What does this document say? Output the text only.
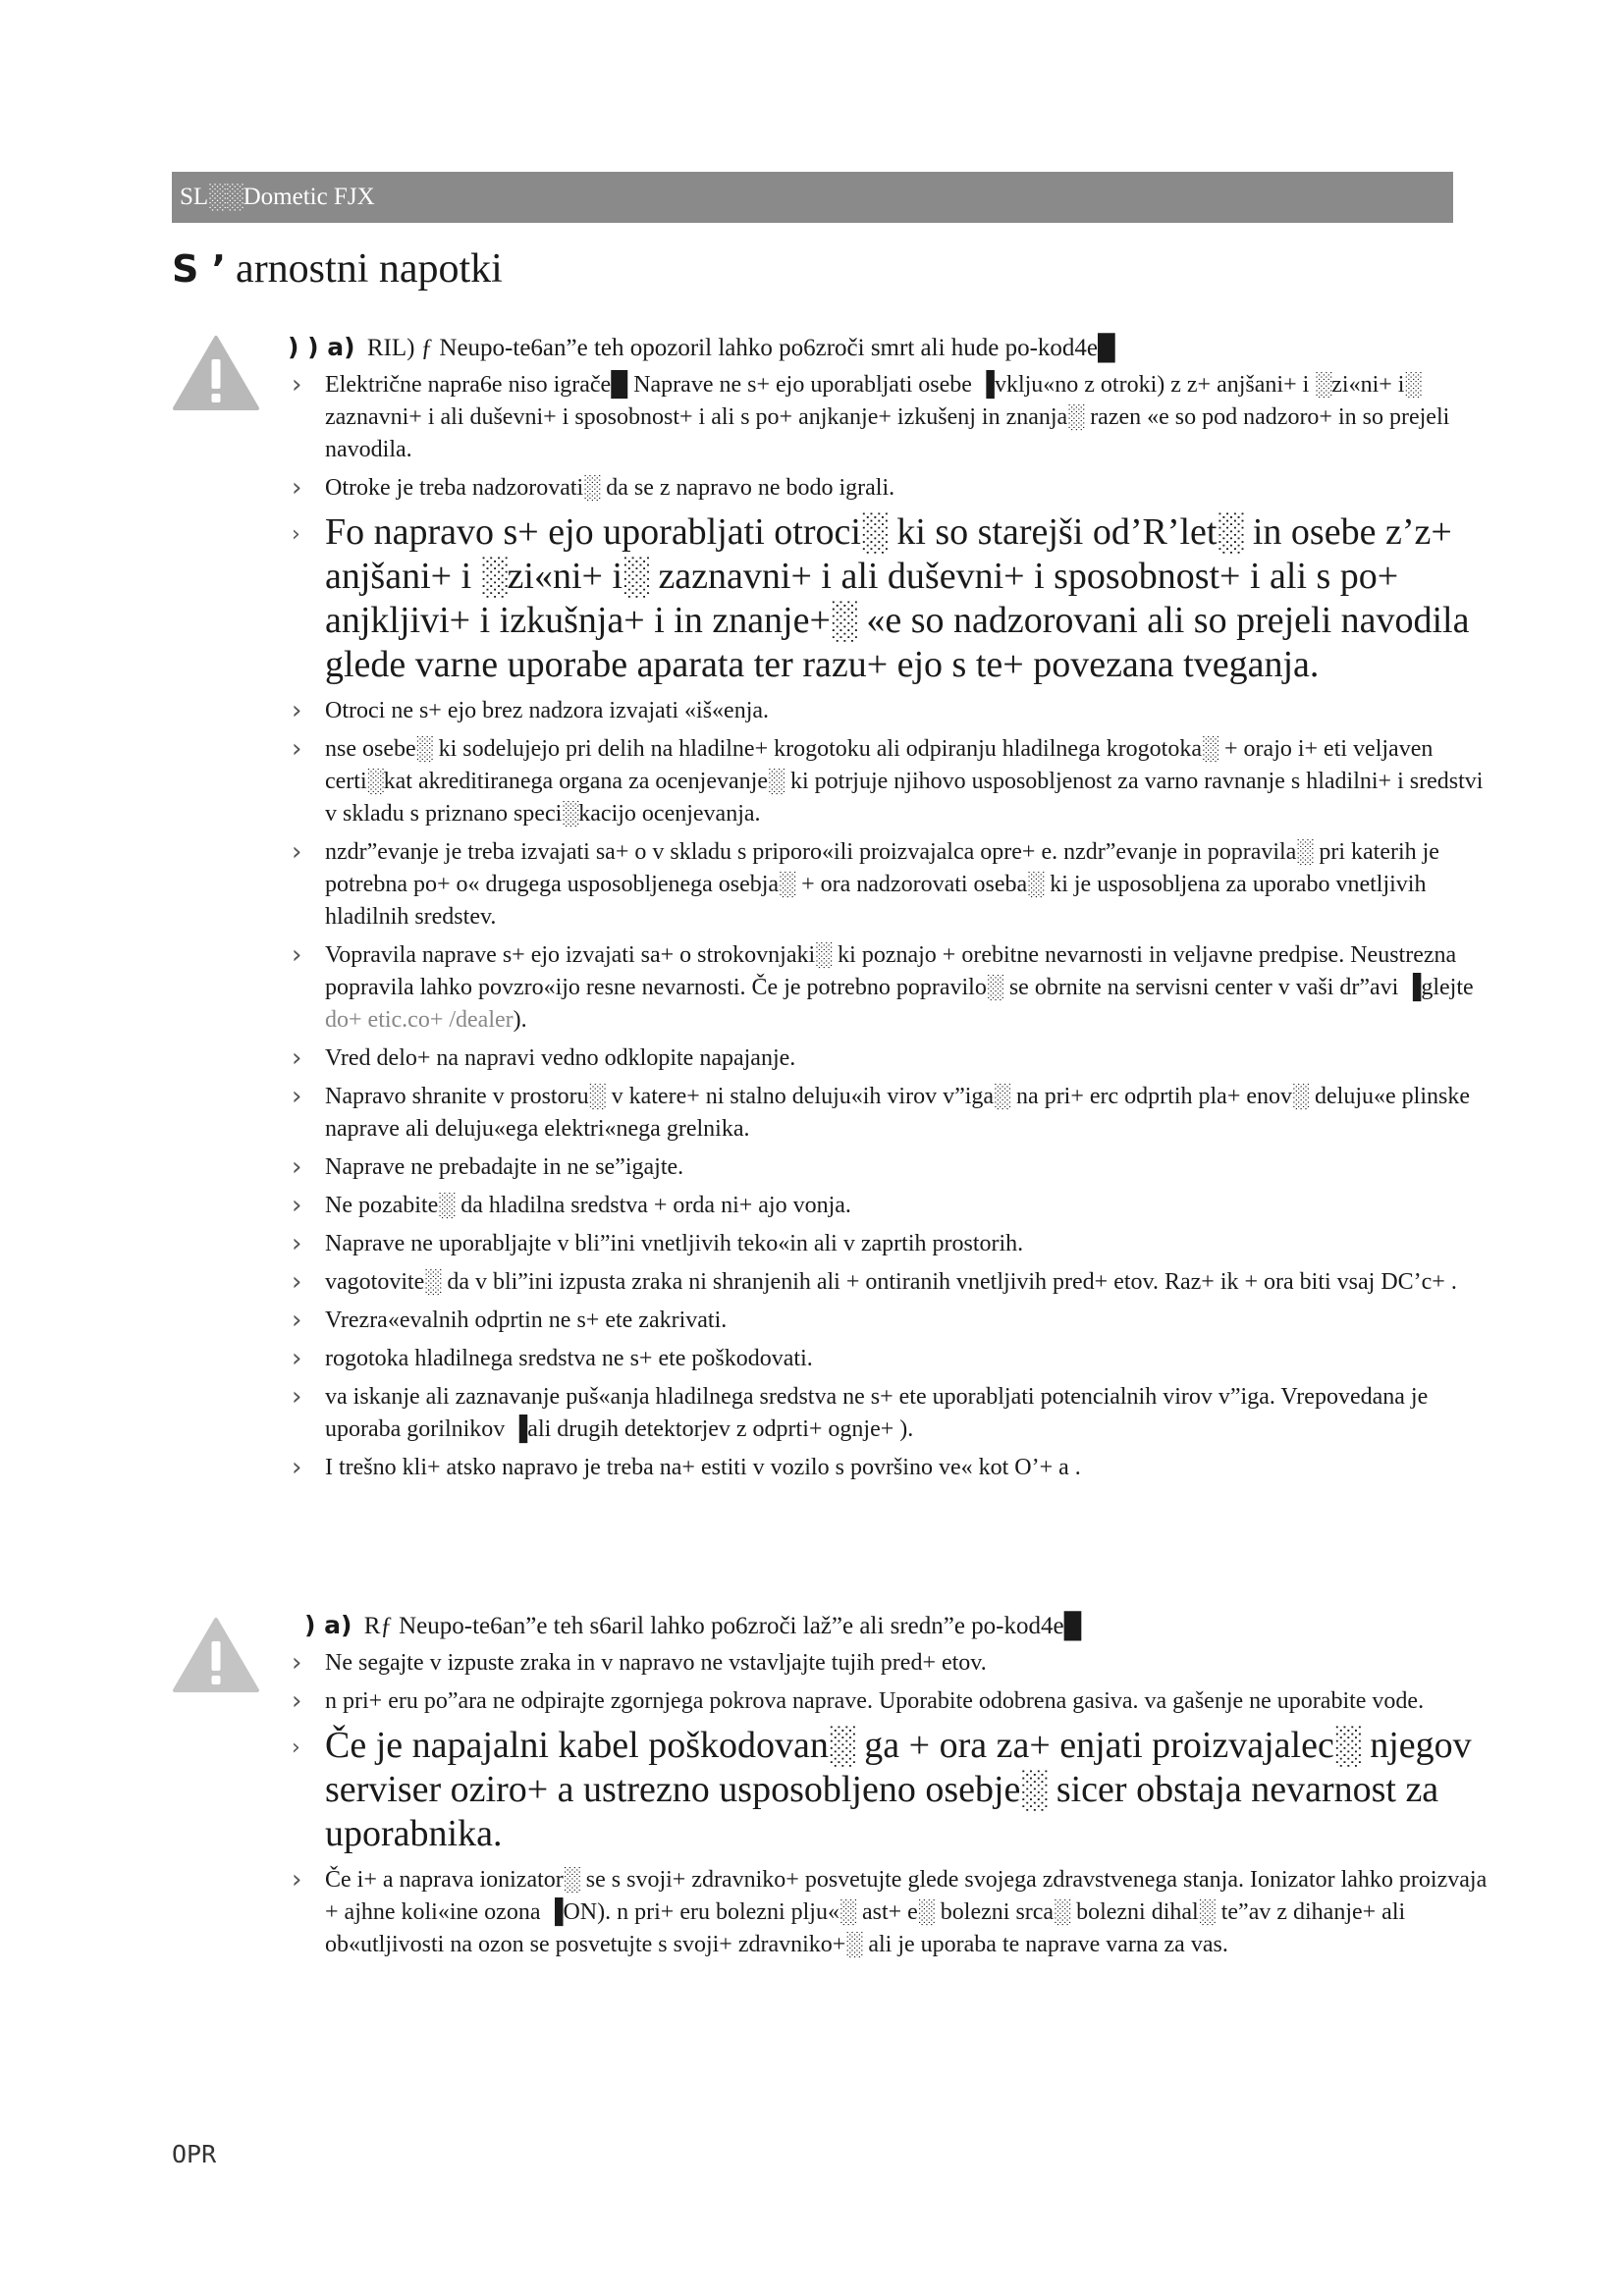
SL░░Dometic FJX
S ’ arnostni napotki
) ) a) RIL) ƒ Neupo-te6an”e teh opozoril lahko po6zroči smrt ali hude po-kod4e█
› Električne napra6e niso igrače█ Naprave ne s+ ejo uporabljati osebe ▐vklju«no z otroki) z z+ anjšani+ i ░zi«ni+ i░ zaznavni+ i ali duševni+ i sposobnost+ i ali s po+ anjkanje+ izkušenj in znanja░ razen «e so pod nadzoro+ in so prejeli navodila.
› Otroke je treba nadzorovati░ da se z napravo ne bodo igrali.
› Fo napravo s+ ejo uporabljati otroci░ ki so starejši od’R’let░ in osebe z’z+ anjšani+ i ░zi«ni+ i░ zaznavni+ i ali duševni+ i sposobnost+ i ali s po+ anjkljivi+ i izkušnja+ i in znanje+░ «e so nadzorovani ali so prejeli navodila glede varne uporabe aparata ter razu+ ejo s te+ povezana tveganja.
› Otroci ne s+ ejo brez nadzora izvajati «iš«enja.
› nse osebe░ ki sodelujejo pri delih na hladilne+ krogotoku ali odpiranju hladilnega krogotoka░ + orajo i+ eti veljaven certi░kat akreditiranega organa za ocenjevanje░ ki potrjuje njihovo usposobljenost za varno ravnanje s hladilni+ i sredstvi v skladu s priznano speci░kacijo ocenjevanja.
› nzdr”evanje je treba izvajati sa+ o v skladu s priporo«ili proizvajalca opre+ e. nzdr”evanje in popravila░ pri katerih je potrebna po+ o« drugega usposobljenega osebja░ + ora nadzorovati oseba░ ki je usposobljena za uporabo vnetljivih hladilnih sredstev.
› Vopravila naprave s+ ejo izvajati sa+ o strokovnjaki░ ki poznajo + orebitne nevarnosti in veljavne predpise. Neustrezna popravila lahko povzro«ijo resne nevarnosti. Če je potrebno popravilo░ se obrnite na servisni center v vaši dr”avi ▐glejte do+ etic.co+ /dealer).
› Vred delo+ na napravi vedno odklopite napajanje.
› Napravo shranite v prostoru░ v katere+ ni stalno deluju«ih virov v”iga░ na pri+ erc odprtih pla+ enov░ deluju«e plinske naprave ali deluju«ega elektri«nega grelnika.
› Naprave ne prebadajte in ne se”igajte.
› Ne pozabite░ da hladilna sredstva + orda ni+ ajo vonja.
› Naprave ne uporabljajte v bli”ini vnetljivih teko«in ali v zaprtih prostorih.
› vagotovite░ da v bli”ini izpusta zraka ni shranjenih ali + ontiranih vnetljivih pred+ etov. Raz+ ik + ora biti vsaj DC’c+ .
› Vrezra«evalnih odprtin ne s+ ete zakrivati.
› rogotoka hladilnega sredstva ne s+ ete poškodovati.
› va iskanje ali zaznavanje puš«anja hladilnega sredstva ne s+ ete uporabljati potencialnih virov v”iga. Vrepovedana je uporaba gorilnikov ▐ali drugih detektorjev z odprti+ ognje+ ).
› I trešno kli+ atsko napravo je treba na+ estiti v vozilo s površino ve« kot O’+ a .
) a) Rƒ Neupo-te6an”e teh s6aril lahko po6zroči laž”e ali sredn”e po-kod4e█
› Ne segajte v izpuste zraka in v napravo ne vstavljajte tujih pred+ etov.
› n pri+ eru po”ara ne odpirajte zgornjega pokrova naprave. Uporabite odobrena gasiva. va gašenje ne uporabite vode.
› Če je napajalni kabel poškodovan░ ga + ora za+ enjati proizvajalec░ njegov serviser oziro+ a ustrezno usposobljeno osebje░ sicer obstaja nevarnost za uporabnika.
› Če i+ a naprava ionizator░ se s svoji+ zdravniko+ posvetujte glede svojega zdravstvenega stanja. Ionizator lahko proizvaja + ajhne koli«ine ozona ▐ON). n pri+ eru bolezni plju«░ ast+ e░ bolezni srca░ bolezni dihal░ te”av z dihanje+ ali ob«utljivosti na ozon se posvetujte s svoji+ zdravniko+░ ali je uporaba te naprave varna za vas.
OPR
